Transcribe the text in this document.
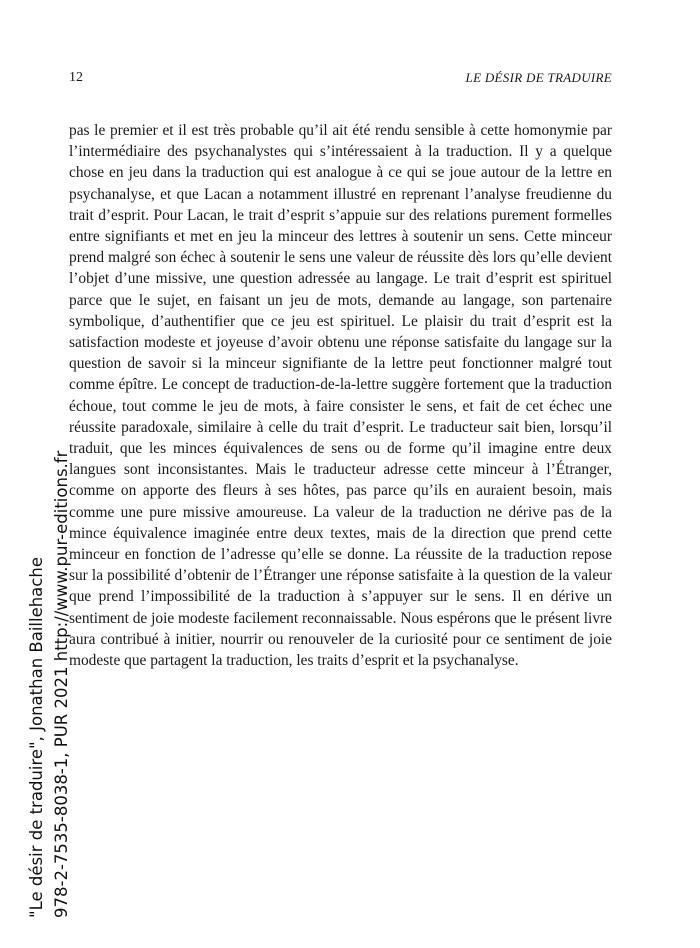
12	LE DÉSIR DE TRADUIRE

pas le premier et il est très probable qu’il ait été rendu sensible à cette homonymie par l’intermédiaire des psychanalystes qui s’intéressaient à la traduction. Il y a quelque chose en jeu dans la traduction qui est analogue à ce qui se joue autour de la lettre en psychanalyse, et que Lacan a notamment illustré en reprenant l’analyse freudienne du trait d’esprit. Pour Lacan, le trait d’esprit s’appuie sur des relations purement formelles entre signifiants et met en jeu la minceur des lettres à soutenir un sens. Cette minceur prend malgré son échec à soutenir le sens une valeur de réussite dès lors qu’elle devient l’objet d’une missive, une question adressée au langage. Le trait d’esprit est spirituel parce que le sujet, en faisant un jeu de mots, demande au langage, son partenaire symbolique, d’authentifier que ce jeu est spirituel. Le plaisir du trait d’esprit est la satisfaction modeste et joyeuse d’avoir obtenu une réponse satisfaite du langage sur la question de savoir si la minceur signifiante de la lettre peut fonctionner malgré tout comme épître. Le concept de traduction-de-la-lettre suggère fortement que la traduction échoue, tout comme le jeu de mots, à faire consister le sens, et fait de cet échec une réussite paradoxale, similaire à celle du trait d’esprit. Le traducteur sait bien, lorsqu’il traduit, que les minces équivalences de sens ou de forme qu’il imagine entre deux langues sont inconsistantes. Mais le traducteur adresse cette minceur à l’Étranger, comme on apporte des fleurs à ses hôtes, pas parce qu’ils en auraient besoin, mais comme une pure missive amoureuse. La valeur de la traduction ne dérive pas de la mince équivalence imaginée entre deux textes, mais de la direction que prend cette minceur en fonction de l’adresse qu’elle se donne. La réussite de la traduction repose sur la possibilité d’obtenir de l’Étranger une réponse satisfaite à la question de la valeur que prend l’impossibilité de la traduction à s’appuyer sur le sens. Il en dérive un sentiment de joie modeste facilement reconnaissable. Nous espérons que le présent livre aura contribué à initier, nourrir ou renouveler de la curiosité pour ce sentiment de joie modeste que partagent la traduction, les traits d’esprit et la psychanalyse.

"Le désir de traduire", Jonathan Baillehache 978-2-7535-8038-1, PUR 2021 http://www.pur-editions.fr
